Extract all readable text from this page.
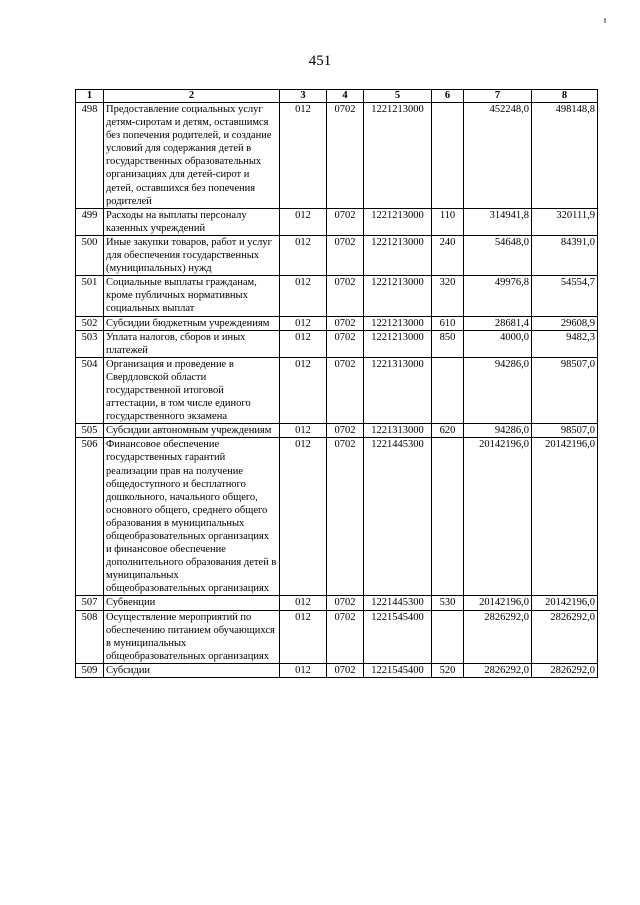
451
1	2	3	4	5	6	7	8
498	Предоставление социальных услуг детям-сиротам и детям, оставшимся без попечения родителей, и создание условий для содержания детей в государственных образовательных организациях для детей-сирот и детей, оставшихся без попечения родителей	012	0702	1221213000		452248,0	498148,8
499	Расходы на выплаты персоналу казенных учреждений	012	0702	1221213000	110	314941,8	320111,9
500	Иные закупки товаров, работ и услуг для обеспечения государственных (муниципальных) нужд	012	0702	1221213000	240	54648,0	84391,0
501	Социальные выплаты гражданам, кроме публичных нормативных социальных выплат	012	0702	1221213000	320	49976,8	54554,7
502	Субсидии бюджетным учреждениям	012	0702	1221213000	610	28681,4	29608,9
503	Уплата налогов, сборов и иных платежей	012	0702	1221213000	850	4000,0	9482,3
504	Организация и проведение в Свердловской области государственной итоговой аттестации, в том числе единого государственного экзамена	012	0702	1221313000		94286,0	98507,0
505	Субсидии автономным учреждениям	012	0702	1221313000	620	94286,0	98507,0
506	Финансовое обеспечение государственных гарантий реализации прав на получение общедоступного и бесплатного дошкольного, начального общего, основного общего, среднего общего образования в муниципальных общеобразовательных организациях и финансовое обеспечение дополнительного образования детей в муниципальных общеобразовательных организациях	012	0702	1221445300		20142196,0	20142196,0
507	Субвенции	012	0702	1221445300	530	20142196,0	20142196,0
508	Осуществление мероприятий по обеспечению питанием обучающихся в муниципальных общеобразовательных организациях	012	0702	1221545400		2826292,0	2826292,0
509	Субсидии	012	0702	1221545400	520	2826292,0	2826292,0
